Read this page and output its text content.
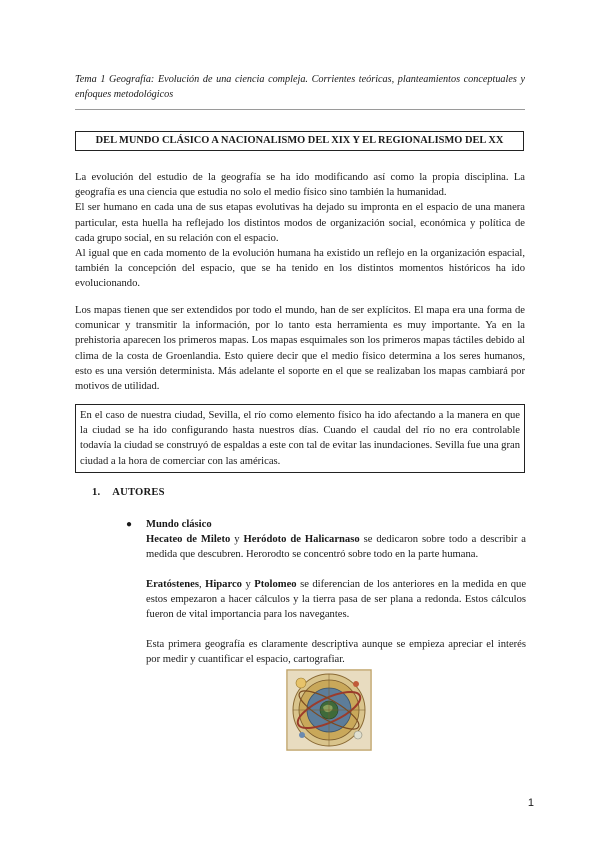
Tema 1 Geografía: Evolución de una ciencia compleja. Corrientes teóricas, planteamientos conceptuales y enfoques metodológicos
DEL MUNDO CLÁSICO A NACIONALISMO DEL XIX Y EL REGIONALISMO DEL XX

La evolución del estudio de la geografía se ha ido modificando así como la propia disciplina. La geografía es una ciencia que estudia no solo el medio físico sino también la humanidad.

El ser humano en cada una de sus etapas evolutivas ha dejado su impronta en el espacio de una manera particular, esta huella ha reflejado los distintos modos de organización social, económica y política de cada grupo social, en su relación con el espacio.

Al igual que en cada momento de la evolución humana ha existido un reflejo en la organización espacial, también la concepción del espacio, que se ha tenido en los distintos momentos históricos ha ido evolucionando.

Los mapas tienen que ser extendidos por todo el mundo, han de ser explícitos. El mapa era una forma de comunicar y transmitir la información, por lo tanto esta herramienta es muy importante. Ya en la prehistoria aparecen los primeros mapas. Los mapas esquimales son los primeros mapas táctiles debido al clima de la costa de Groenlandia. Esto quiere decir que el medio físico determina a los seres humanos, esto es una versión determinista. Más adelante el soporte en el que se realizaban los mapas cambiará por motivos de utilidad.

En el caso de nuestra ciudad, Sevilla, el río como elemento físico ha ido afectando a la manera en que la ciudad se ha ido configurando hasta nuestros días. Cuando el caudal del río no era controlable todavía la ciudad se construyó de espaldas a este con tal de evitar las inundaciones. Sevilla fue una gran ciudad a la hora de comerciar con las américas.
1. AUTORES
● Mundo clásico
Hecateo de Mileto y Heródoto de Halicarnaso se dedicaron sobre todo a describir a medida que descubren. Herorodto se concentró sobre todo en la parte humana.
Eratóstenes, Hiparco y Ptolomeo se diferencian de los anteriores en la medida en que estos empezaron a hacer cálculos y la tierra pasa de ser plana a redonda. Estos cálculos fueron de vital importancia para los navegantes.
Esta primera geografía es claramente descriptiva aunque se empieza apreciar el interés por medir y cuantificar el espacio, cartografiar.
1
